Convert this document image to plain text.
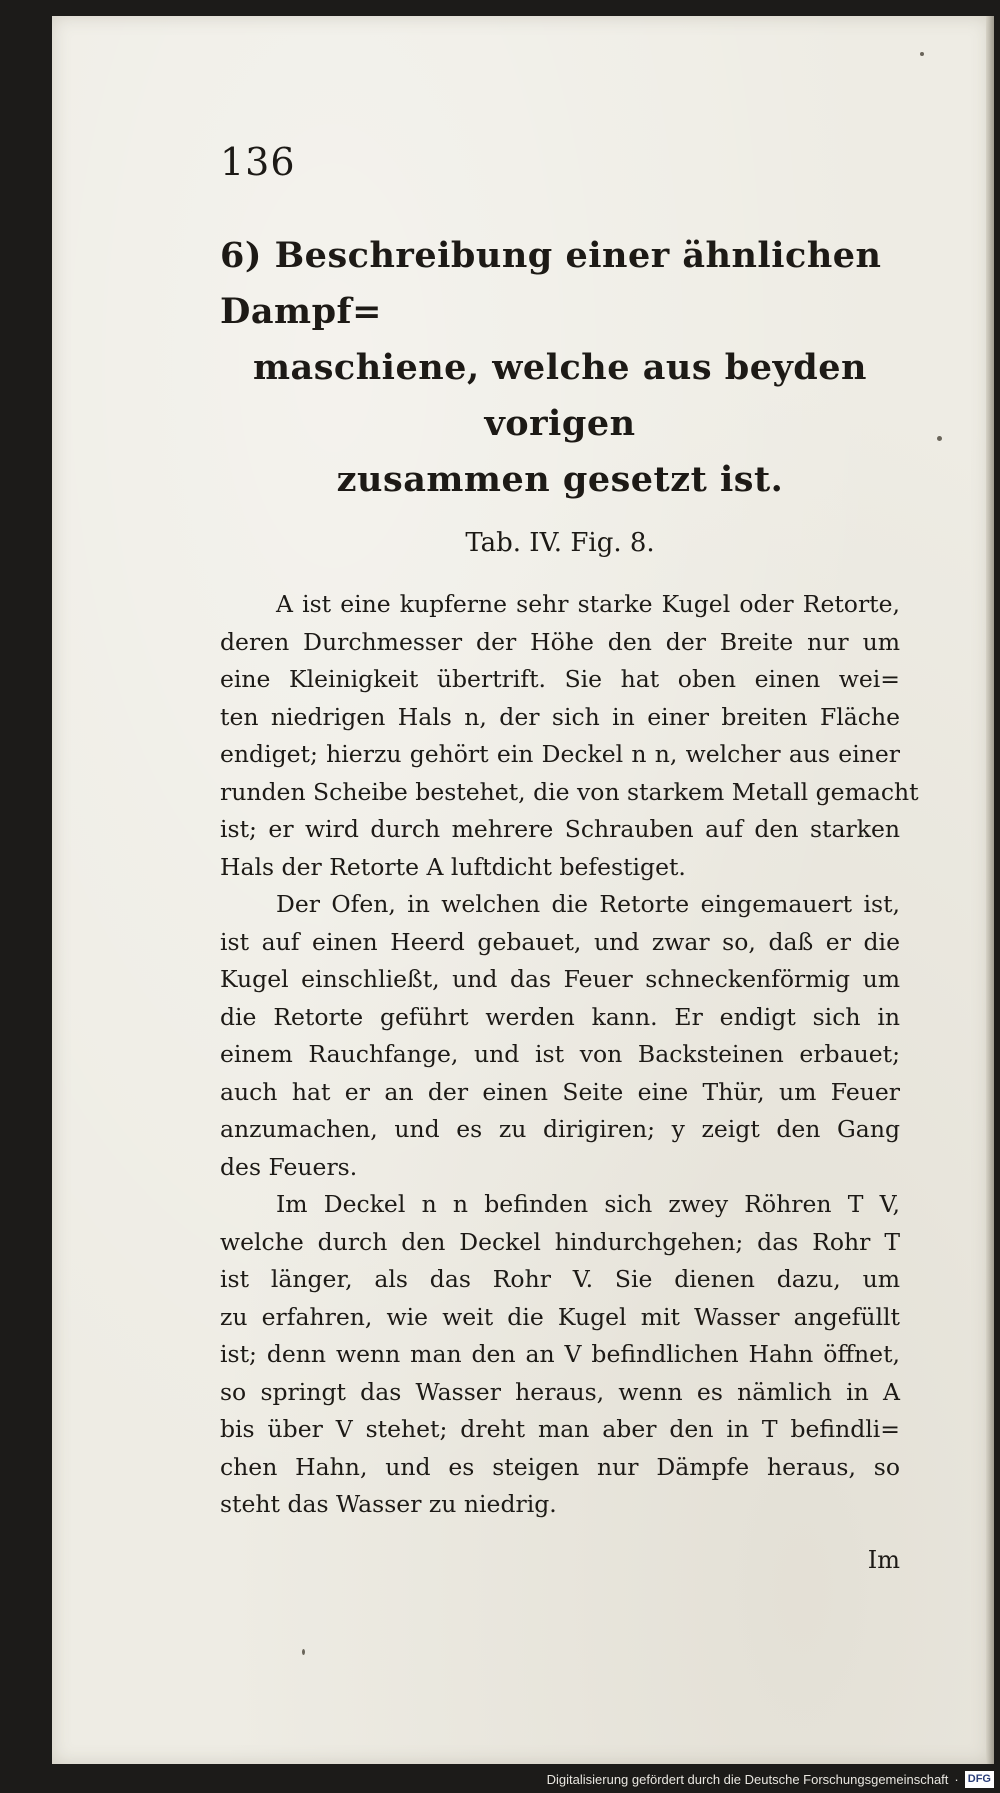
136
6) Beschreibung einer ähnlichen Dampf=
maschiene, welche aus beyden vorigen
zusammen gesetzt ist.
Tab. IV. Fig. 8.

A ist eine kupferne sehr starke Kugel oder Retorte,
deren Durchmesser der Höhe den der Breite nur um
eine Kleinigkeit übertrift. Sie hat oben einen wei=
ten niedrigen Hals n, der sich in einer breiten Fläche
endiget; hierzu gehört ein Deckel n n, welcher aus einer
runden Scheibe bestehet, die von starkem Metall gemacht
ist; er wird durch mehrere Schrauben auf den starken
Hals der Retorte A luftdicht befestiget.

Der Ofen, in welchen die Retorte eingemauert ist,
ist auf einen Heerd gebauet, und zwar so, daß er die
Kugel einschließt, und das Feuer schneckenförmig um
die Retorte geführt werden kann. Er endigt sich in
einem Rauchfange, und ist von Backsteinen erbauet;
auch hat er an der einen Seite eine Thür, um Feuer
anzumachen, und es zu dirigiren; y zeigt den Gang
des Feuers.

Im Deckel n n befinden sich zwey Röhren T V,
welche durch den Deckel hindurchgehen; das Rohr T
ist länger, als das Rohr V. Sie dienen dazu, um
zu erfahren, wie weit die Kugel mit Wasser angefüllt
ist; denn wenn man den an V befindlichen Hahn öffnet,
so springt das Wasser heraus, wenn es nämlich in A
bis über V stehet; dreht man aber den in T befindli=
chen Hahn, und es steigen nur Dämpfe heraus, so
steht das Wasser zu niedrig.

Im
Digitalisierung gefördert durch die Deutsche Forschungsgemeinschaft · DFG
